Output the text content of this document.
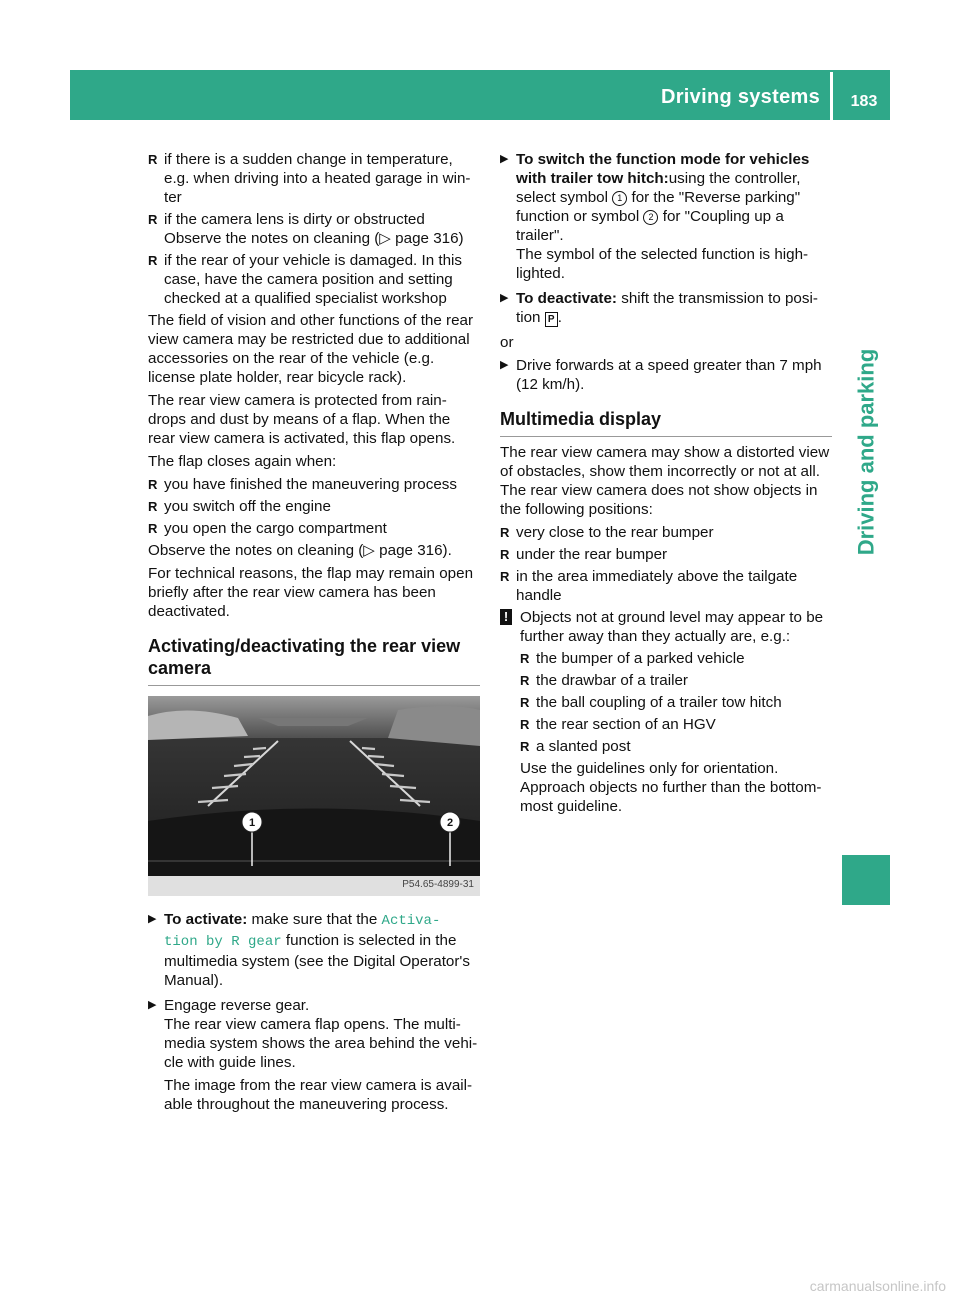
Driving systems	183
Driving and parking
R if there is a sudden change in temperature, e.g. when driving into a heated garage in win- ter
R if the camera lens is dirty or obstructed Observe the notes on cleaning (▷ page 316)
R if the rear of your vehicle is damaged. In this case, have the camera position and setting checked at a qualified specialist workshop

The field of vision and other functions of the rear view camera may be restricted due to additional accessories on the rear of the vehicle (e.g. license plate holder, rear bicycle rack).

The rear view camera is protected from rain- drops and dust by means of a flap. When the rear view camera is activated, this flap opens.

The flap closes again when:

R you have finished the maneuvering process
R you switch off the engine
R you open the cargo compartment

Observe the notes on cleaning (▷ page 316).

For technical reasons, the flap may remain open briefly after the rear view camera has been deactivated.

Activating/deactivating the rear view camera
1	2
P54.65-4899-31
▶ To activate: make sure that the Activa‐ tion by R gear function is selected in the multimedia system (see the Digital Operator's Manual).
▶ Engage reverse gear.
The rear view camera flap opens. The multi- media system shows the area behind the vehi- cle with guide lines.
The image from the rear view camera is avail- able throughout the maneuvering process.
▶ To switch the function mode for vehicles with trailer tow hitch:using the controller, select symbol 1 for the "Reverse parking" function or symbol 2 for "Coupling up a trailer".
The symbol of the selected function is high- lighted.
▶ To deactivate: shift the transmission to posi- tion P .

or

▶ Drive forwards at a speed greater than 7 mph (12 km/h).
Multimedia display

The rear view camera may show a distorted view of obstacles, show them incorrectly or not at all. The rear view camera does not show objects in the following positions:

R very close to the rear bumper
R under the rear bumper
R in the area immediately above the tailgate handle
! Objects not at ground level may appear to be further away than they actually are, e.g.:
R the bumper of a parked vehicle
R the drawbar of a trailer
R the ball coupling of a trailer tow hitch
R the rear section of an HGV
R a slanted post

Use the guidelines only for orientation. Approach objects no further than the bottom- most guideline.

carmanualsonline.info
